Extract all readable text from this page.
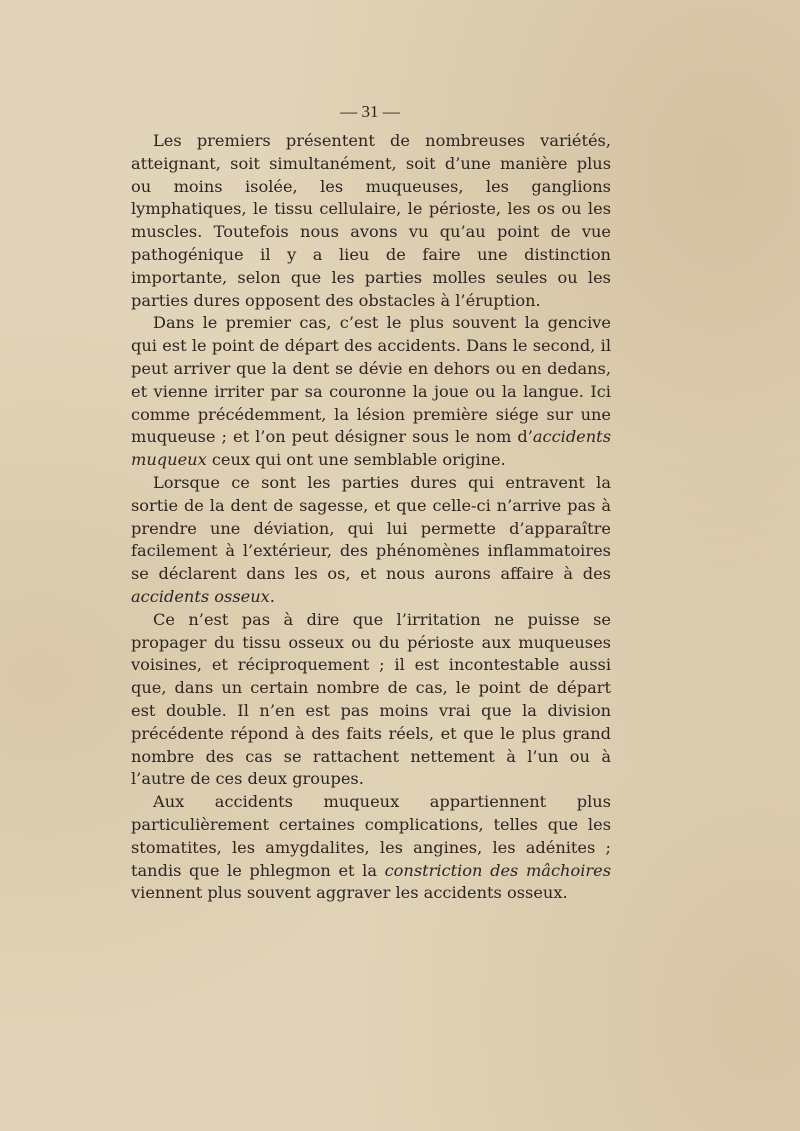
— 31 —

Les premiers présentent de nombreuses variétés, atteignant, soit simultanément, soit d’une manière plus ou moins isolée, les muqueuses, les ganglions lymphatiques, le tissu cellulaire, le périoste, les os ou les muscles. Toutefois nous avons vu qu’au point de vue pathogénique il y a lieu de faire une distinction importante, selon que les parties molles seules ou les parties dures opposent des obstacles à l’éruption.

Dans le premier cas, c’est le plus souvent la gencive qui est le point de départ des accidents. Dans le second, il peut arriver que la dent se dévie en dehors ou en dedans, et vienne irriter par sa couronne la joue ou la langue. Ici comme précédemment, la lésion première siége sur une muqueuse ; et l’on peut désigner sous le nom d’accidents muqueux ceux qui ont une semblable origine.

Lorsque ce sont les parties dures qui entravent la sortie de la dent de sagesse, et que celle-ci n’arrive pas à prendre une déviation, qui lui permette d’apparaître facilement à l’extérieur, des phénomènes inflammatoires se déclarent dans les os, et nous aurons affaire à des accidents osseux.

Ce n’est pas à dire que l’irritation ne puisse se propager du tissu osseux ou du périoste aux muqueuses voisines, et réciproquement ; il est incontestable aussi que, dans un certain nombre de cas, le point de départ est double. Il n’en est pas moins vrai que la division précédente répond à des faits réels, et que le plus grand nombre des cas se rattachent nettement à l’un ou à l’autre de ces deux groupes.

Aux accidents muqueux appartiennent plus particulièrement certaines complications, telles que les stomatites, les amygdalites, les angines, les adénites ; tandis que le phlegmon et la constriction des mâchoires viennent plus souvent aggraver les accidents osseux.
